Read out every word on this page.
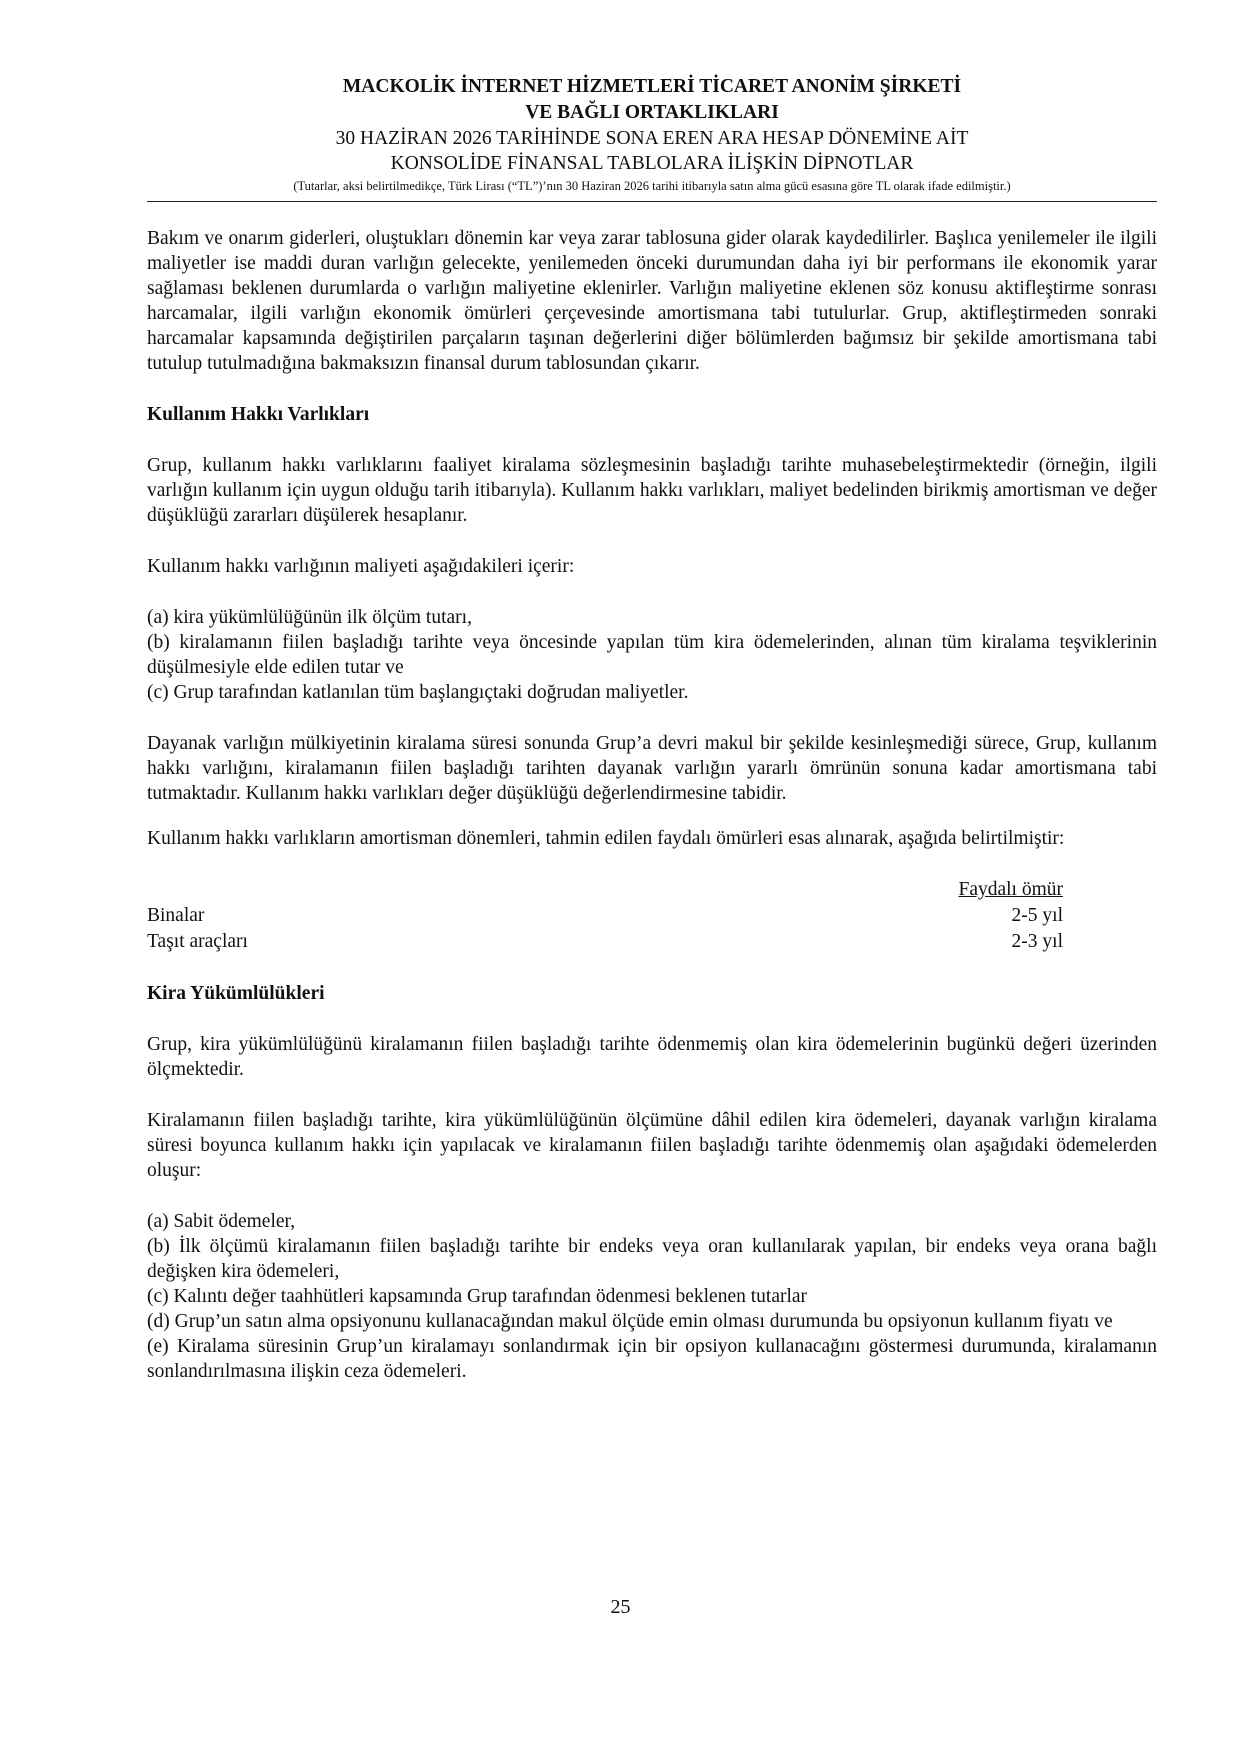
MACKOLİK İNTERNET HİZMETLERİ TİCARET ANONİM ŞİRKETİ
VE BAĞLI ORTAKLIKLARI
30 HAZİRAN 2026 TARİHİNDE SONA EREN ARA HESAP DÖNEMİNE AİT
KONSOLİDE FİNANSAL TABLOLARA İLİŞKİN DİPNOTLAR
(Tutarlar, aksi belirtilmedikçe, Türk Lirası (“TL”)’nın 30 Haziran 2026 tarihi itibarıyla satın alma gücü esasına göre TL olarak ifade edilmiştir.)

Bakım ve onarım giderleri, oluştukları dönemin kar veya zarar tablosuna gider olarak kaydedilirler. Başlıca yenilemeler ile ilgili maliyetler ise maddi duran varlığın gelecekte, yenilemeden önceki durumundan daha iyi bir performans ile ekonomik yarar sağlaması beklenen durumlarda o varlığın maliyetine eklenirler. Varlığın maliyetine eklenen söz konusu aktifleştirme sonrası harcamalar, ilgili varlığın ekonomik ömürleri çerçevesinde amortismana tabi tutulurlar. Grup, aktifleştirmeden sonraki harcamalar kapsamında değiştirilen parçaların taşınan değerlerini diğer bölümlerden bağımsız bir şekilde amortismana tabi tutulup tutulmadığına bakmaksızın finansal durum tablosundan çıkarır.

Kullanım Hakkı Varlıkları

Grup, kullanım hakkı varlıklarını faaliyet kiralama sözleşmesinin başladığı tarihte muhasebeleştirmektedir (örneğin, ilgili varlığın kullanım için uygun olduğu tarih itibarıyla). Kullanım hakkı varlıkları, maliyet bedelinden birikmiş amortisman ve değer düşüklüğü zararları düşülerek hesaplanır.

Kullanım hakkı varlığının maliyeti aşağıdakileri içerir:

(a) kira yükümlülüğünün ilk ölçüm tutarı,

(b) kiralamanın fiilen başladığı tarihte veya öncesinde yapılan tüm kira ödemelerinden, alınan tüm kiralama teşviklerinin düşülmesiyle elde edilen tutar ve

(c) Grup tarafından katlanılan tüm başlangıçtaki doğrudan maliyetler.

Dayanak varlığın mülkiyetinin kiralama süresi sonunda Grup’a devri makul bir şekilde kesinleşmediği sürece, Grup, kullanım hakkı varlığını, kiralamanın fiilen başladığı tarihten dayanak varlığın yararlı ömrünün sonuna kadar amortismana tabi tutmaktadır. Kullanım hakkı varlıkları değer düşüklüğü değerlendirmesine tabidir.

Kullanım hakkı varlıkların amortisman dönemleri, tahmin edilen faydalı ömürleri esas alınarak, aşağıda belirtilmiştir:

Faydalı ömür
Binalar	2-5 yıl
Taşıt araçları	2-3 yıl

Kira Yükümlülükleri

Grup, kira yükümlülüğünü kiralamanın fiilen başladığı tarihte ödenmemiş olan kira ödemelerinin bugünkü değeri üzerinden ölçmektedir.

Kiralamanın fiilen başladığı tarihte, kira yükümlülüğünün ölçümüne dâhil edilen kira ödemeleri, dayanak varlığın kiralama süresi boyunca kullanım hakkı için yapılacak ve kiralamanın fiilen başladığı tarihte ödenmemiş olan aşağıdaki ödemelerden oluşur:

(a) Sabit ödemeler,

(b) İlk ölçümü kiralamanın fiilen başladığı tarihte bir endeks veya oran kullanılarak yapılan, bir endeks veya orana bağlı değişken kira ödemeleri,

(c) Kalıntı değer taahhütleri kapsamında Grup tarafından ödenmesi beklenen tutarlar

(d) Grup’un satın alma opsiyonunu kullanacağından makul ölçüde emin olması durumunda bu opsiyonun kullanım fiyatı ve

(e) Kiralama süresinin Grup’un kiralamayı sonlandırmak için bir opsiyon kullanacağını göstermesi durumunda, kiralamanın sonlandırılmasına ilişkin ceza ödemeleri.

25
